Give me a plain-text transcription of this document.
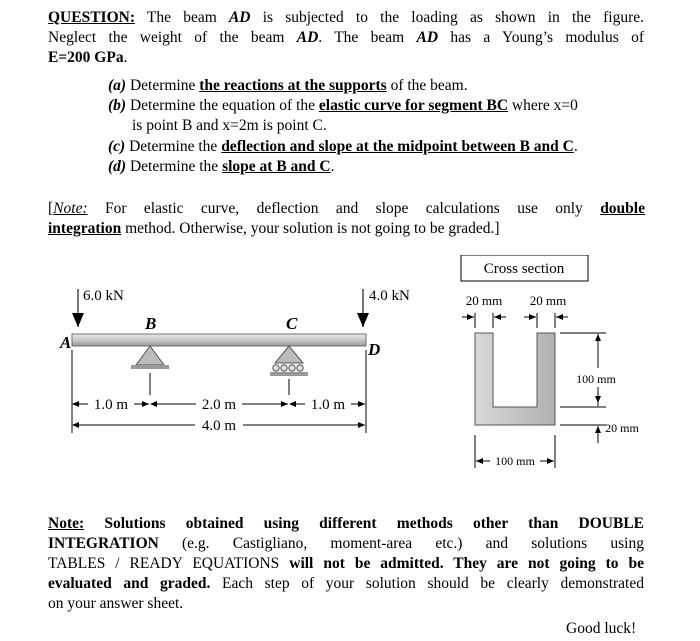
QUESTION: The beam AD is subjected to the loading as shown in the figure.
Neglect the weight of the beam AD. The beam AD has a Young’s modulus of
E=200 GPa.
(a) Determine the reactions at the supports of the beam.
(b) Determine the equation of the elastic curve for segment BC where x=0
is point B and x=2m is point C.
(c) Determine the deflection and slope at the midpoint between B and C.
(d) Determine the slope at B and C.
[Note: For elastic curve, deflection and slope calculations use only double
integration method. Otherwise, your solution is not going to be graded.]
Cross section
6.0 kN	4.0 kN
A
B	C
D
1.0 m	2.0 m	1.0 m
4.0 m
20 mm 20 mm
100 mm
20 mm
100 mm
Note: Solutions obtained using different methods other than DOUBLE
INTEGRATION (e.g. Castigliano, moment-area etc.) and solutions using
TABLES / READY EQUATIONS will not be admitted. They are not going to be
evaluated and graded. Each step of your solution should be clearly demonstrated
on your answer sheet.
Good luck!
